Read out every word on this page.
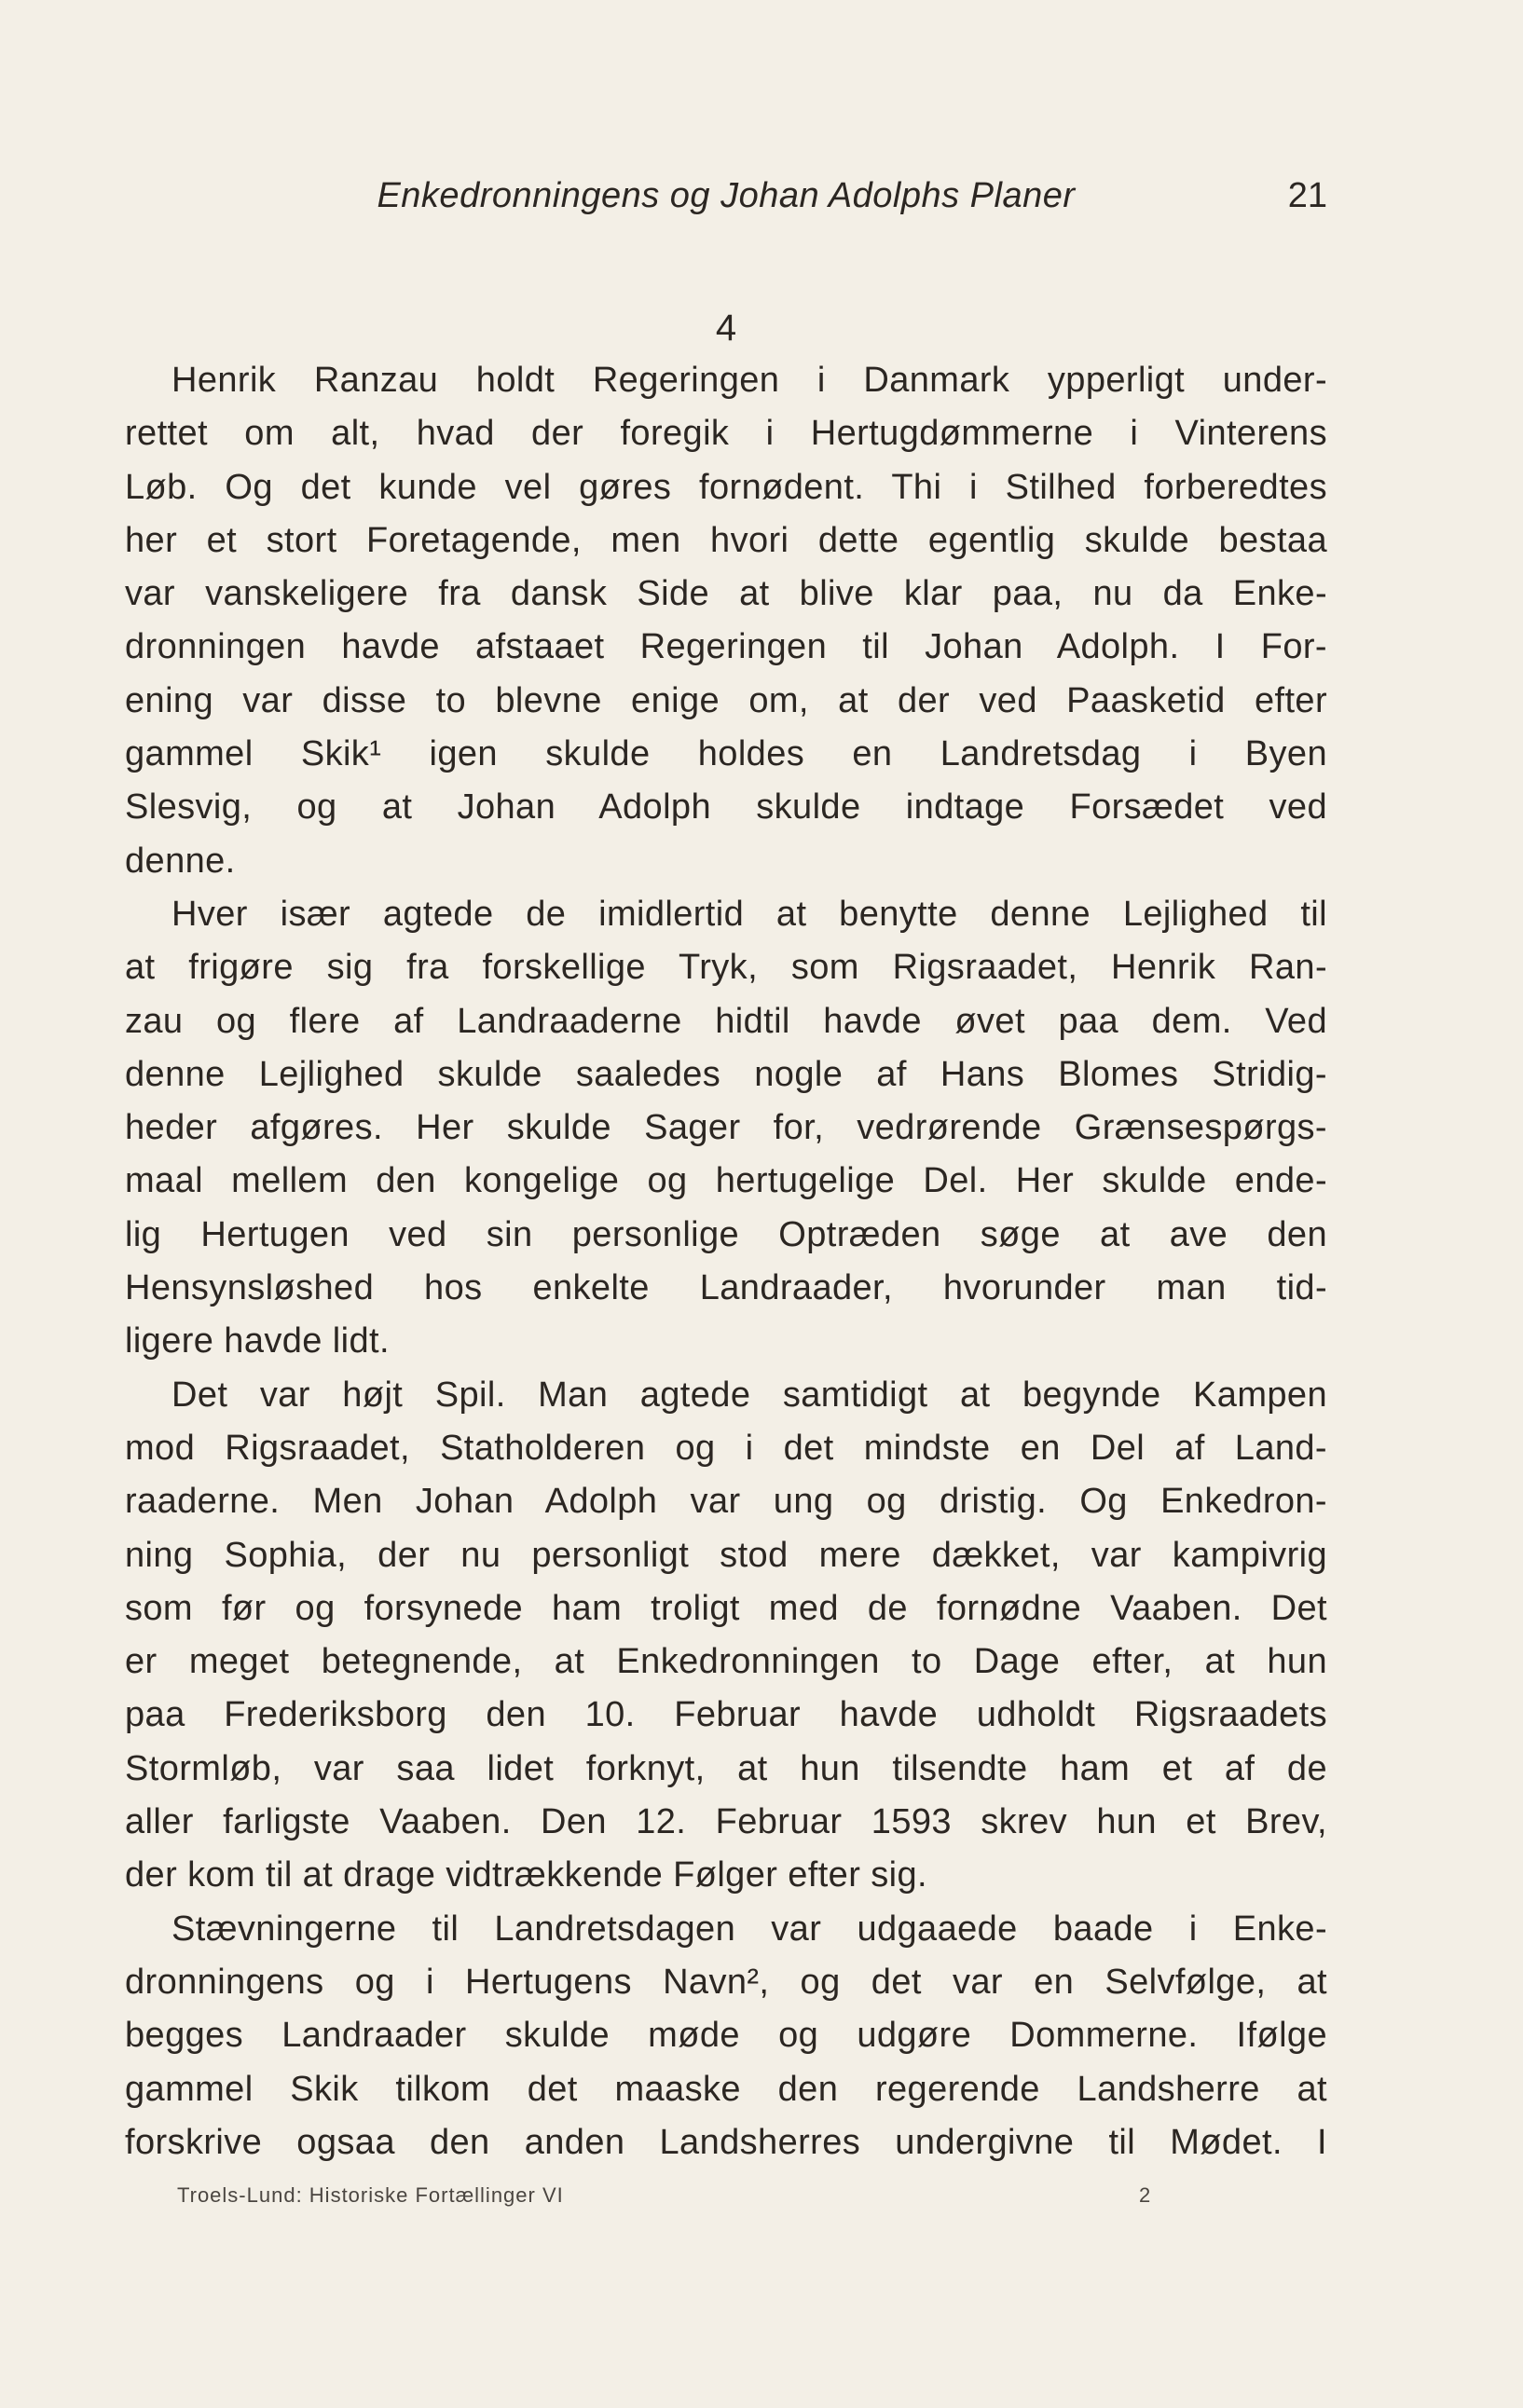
Enkedronningens og Johan Adolphs Planer	21
4
Henrik Ranzau holdt Regeringen i Danmark ypperligt under-
rettet om alt, hvad der foregik i Hertugdømmerne i Vinterens
Løb. Og det kunde vel gøres fornødent. Thi i Stilhed forberedtes
her et stort Foretagende, men hvori dette egentlig skulde bestaa
var vanskeligere fra dansk Side at blive klar paa, nu da Enke-
dronningen havde afstaaet Regeringen til Johan Adolph. I For-
ening var disse to blevne enige om, at der ved Paasketid efter
gammel Skik¹ igen skulde holdes en Landretsdag i Byen
Slesvig, og at Johan Adolph skulde indtage Forsædet ved
denne.
Hver især agtede de imidlertid at benytte denne Lejlighed til
at frigøre sig fra forskellige Tryk, som Rigsraadet, Henrik Ran-
zau og flere af Landraaderne hidtil havde øvet paa dem. Ved
denne Lejlighed skulde saaledes nogle af Hans Blomes Stridig-
heder afgøres. Her skulde Sager for, vedrørende Grænsespørgs-
maal mellem den kongelige og hertugelige Del. Her skulde ende-
lig Hertugen ved sin personlige Optræden søge at ave den
Hensynsløshed hos enkelte Landraader, hvorunder man tid-
ligere havde lidt.
Det var højt Spil. Man agtede samtidigt at begynde Kampen
mod Rigsraadet, Statholderen og i det mindste en Del af Land-
raaderne. Men Johan Adolph var ung og dristig. Og Enkedron-
ning Sophia, der nu personligt stod mere dækket, var kampivrig
som før og forsynede ham troligt med de fornødne Vaaben. Det
er meget betegnende, at Enkedronningen to Dage efter, at hun
paa Frederiksborg den 10. Februar havde udholdt Rigsraadets
Stormløb, var saa lidet forknyt, at hun tilsendte ham et af de
aller farligste Vaaben. Den 12. Februar 1593 skrev hun et Brev,
der kom til at drage vidtrækkende Følger efter sig.
Stævningerne til Landretsdagen var udgaaede baade i Enke-
dronningens og i Hertugens Navn², og det var en Selvfølge, at
begges Landraader skulde møde og udgøre Dommerne. Ifølge
gammel Skik tilkom det maaske den regerende Landsherre at
forskrive ogsaa den anden Landsherres undergivne til Mødet. I
Troels-Lund: Historiske Fortællinger VI	2
